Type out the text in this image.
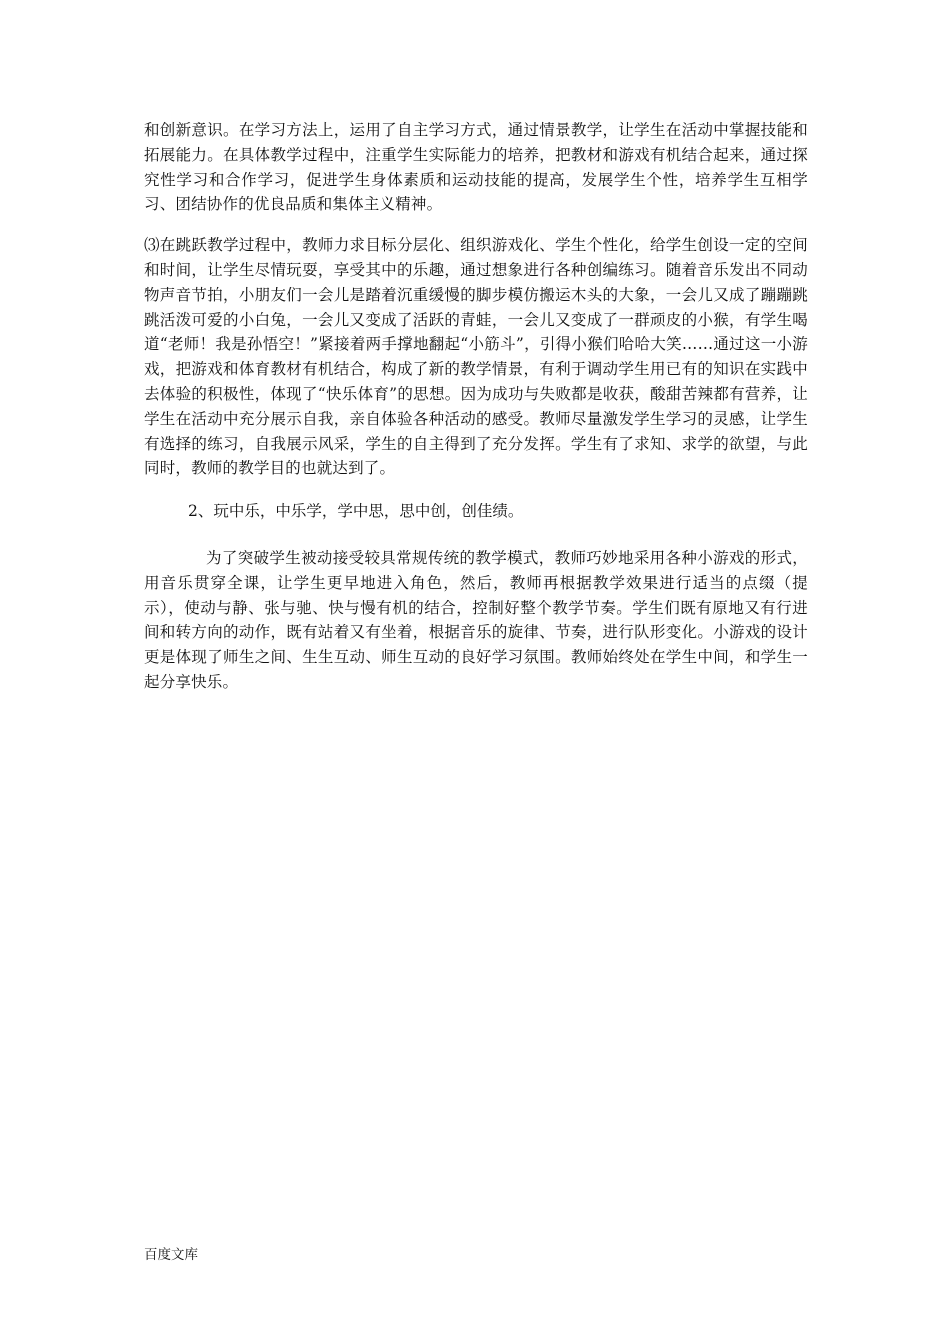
和创新意识。在学习方法上，运用了自主学习方式，通过情景教学，让学生在活动中掌握技能和拓展能力。在具体教学过程中，注重学生实际能力的培养，把教材和游戏有机结合起来，通过探究性学习和合作学习，促进学生身体素质和运动技能的提高，发展学生个性，培养学生互相学习、团结协作的优良品质和集体主义精神。

⑶在跳跃教学过程中，教师力求目标分层化、组织游戏化、学生个性化，给学生创设一定的空间和时间，让学生尽情玩耍，享受其中的乐趣，通过想象进行各种创编练习。随着音乐发出不同动物声音节拍，小朋友们一会儿是踏着沉重缓慢的脚步模仿搬运木头的大象，一会儿又成了蹦蹦跳跳活泼可爱的小白兔，一会儿又变成了活跃的青蛙，一会儿又变成了一群顽皮的小猴，有学生喝道“老师！我是孙悟空！”紧接着两手撑地翻起“小筋斗”，引得小猴们哈哈大笑……通过这一小游戏，把游戏和体育教材有机结合，构成了新的教学情景，有利于调动学生用已有的知识在实践中去体验的积极性，体现了“快乐体育”的思想。因为成功与失败都是收获，酸甜苦辣都有营养，让学生在活动中充分展示自我，亲自体验各种活动的感受。教师尽量激发学生学习的灵感，让学生有选择的练习，自我展示风采，学生的自主得到了充分发挥。学生有了求知、求学的欲望，与此同时，教师的教学目的也就达到了。

2、玩中乐，中乐学，学中思，思中创，创佳绩。

为了突破学生被动接受较具常规传统的教学模式，教师巧妙地采用各种小游戏的形式，用音乐贯穿全课，让学生更早地进入角色，然后，教师再根据教学效果进行适当的点缀（提示），使动与静、张与驰、快与慢有机的结合，控制好整个教学节奏。学生们既有原地又有行进间和转方向的动作，既有站着又有坐着，根据音乐的旋律、节奏，进行队形变化。小游戏的设计更是体现了师生之间、生生互动、师生互动的良好学习氛围。教师始终处在学生中间，和学生一起分享快乐。

百度文库
